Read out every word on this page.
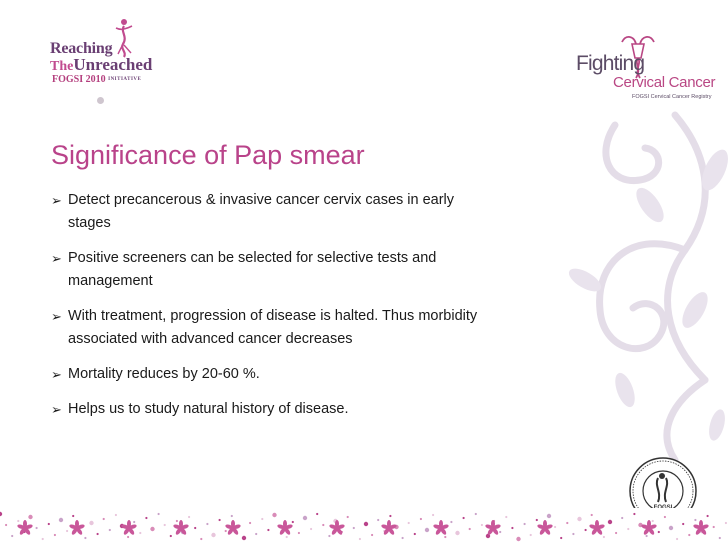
Reaching
TheUnreached
FOGSI 2010 INITIATIVE
Fighting
Cervical Cancer
FOGSI Cervical Cancer Registry
Significance of Pap smear
➢ Detect precancerous & invasive cancer cervix cases in early stages
➢ Positive screeners can be selected for selective tests and management
➢ With treatment, progression of disease is halted. Thus morbidity associated with advanced cancer decreases
➢ Mortality reduces by 20-60 %.
➢ Helps us to study natural history of disease.
